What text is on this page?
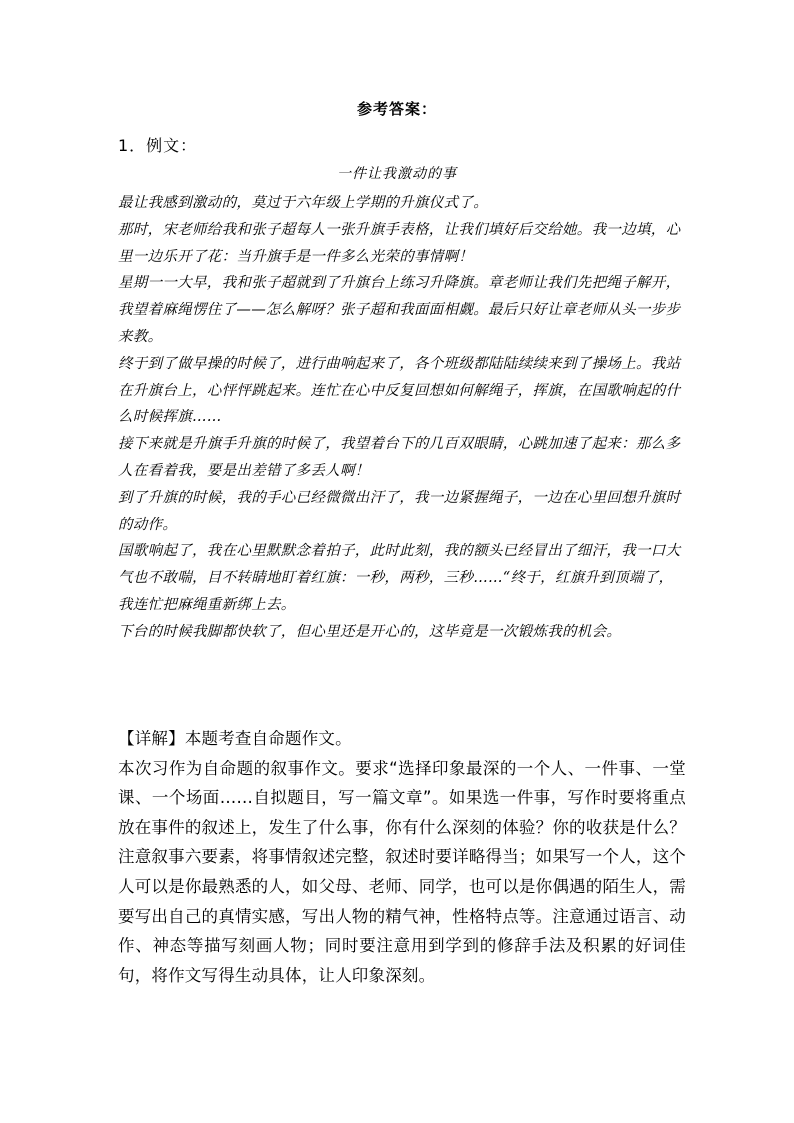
参考答案：
1．例文：
一件让我激动的事

最让我感到激动的，莫过于六年级上学期的升旗仪式了。

那时，宋老师给我和张子超每人一张升旗手表格，让我们填好后交给她。我一边填，心里一边乐开了花：当升旗手是一件多么光荣的事情啊！

星期一一大早，我和张子超就到了升旗台上练习升降旗。章老师让我们先把绳子解开，我望着麻绳愣住了——怎么解呀？张子超和我面面相觑。最后只好让章老师从头一步步来教。

终于到了做早操的时候了，进行曲响起来了，各个班级都陆陆续续来到了操场上。我站在升旗台上，心怦怦跳起来。连忙在心中反复回想如何解绳子，挥旗，在国歌响起的什么时候挥旗……

接下来就是升旗手升旗的时候了，我望着台下的几百双眼睛，心跳加速了起来：那么多人在看着我，要是出差错了多丢人啊！

到了升旗的时候，我的手心已经微微出汗了，我一边紧握绳子，一边在心里回想升旗时的动作。

国歌响起了，我在心里默默念着拍子，此时此刻，我的额头已经冒出了细汗，我一口大气也不敢喘，目不转睛地盯着红旗：一秒，两秒，三秒……“终于，红旗升到顶端了，我连忙把麻绳重新绑上去。

下台的时候我脚都快软了，但心里还是开心的，这毕竟是一次锻炼我的机会。

【详解】本题考查自命题作文。

本次习作为自命题的叙事作文。要求“选择印象最深的一个人、一件事、一堂课、一个场面……自拟题目，写一篇文章”。如果选一件事，写作时要将重点放在事件的叙述上，发生了什么事，你有什么深刻的体验？你的收获是什么？注意叙事六要素，将事情叙述完整，叙述时要详略得当；如果写一个人，这个人可以是你最熟悉的人，如父母、老师、同学，也可以是你偶遇的陌生人，需要写出自己的真情实感，写出人物的精气神，性格特点等。注意通过语言、动作、神态等描写刻画人物；同时要注意用到学到的修辞手法及积累的好词佳句，将作文写得生动具体，让人印象深刻。
